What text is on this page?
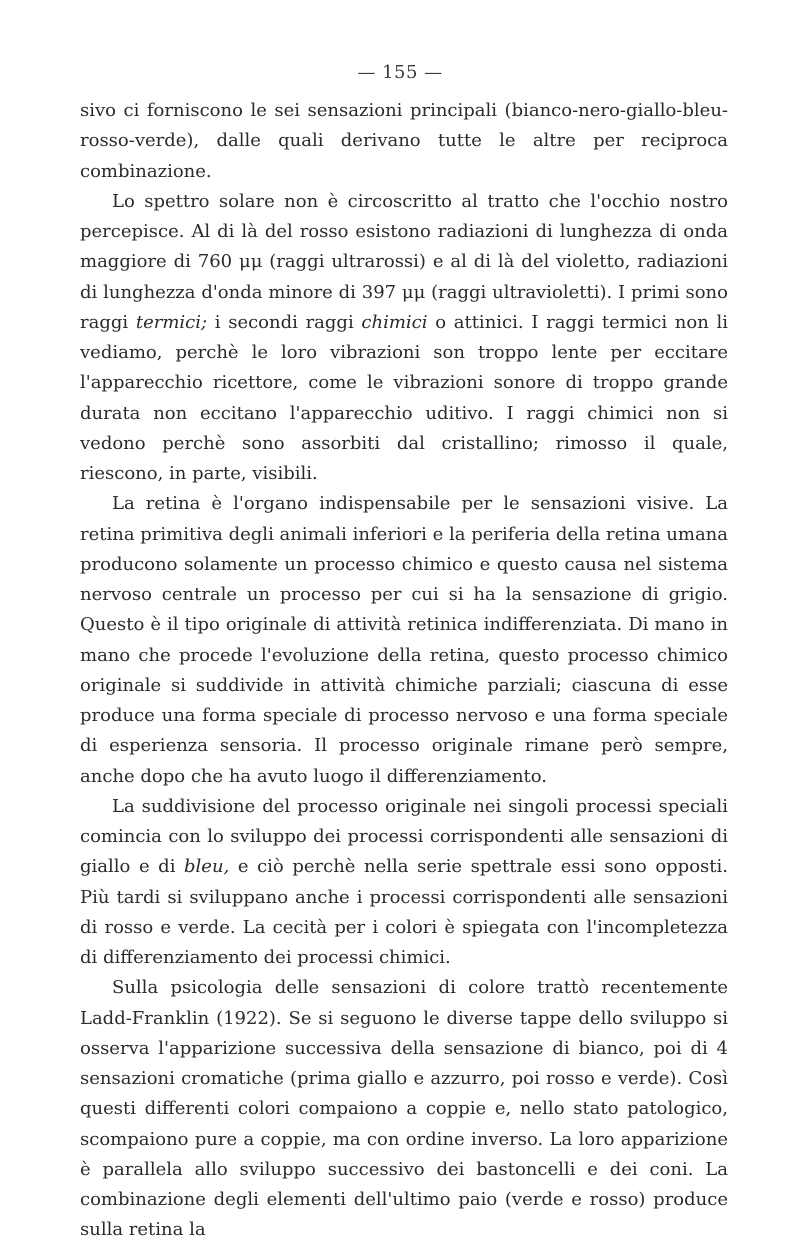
— 155 —

sivo ci forniscono le sei sensazioni principali (bianco-nero-giallo-bleu-rosso-verde), dalle quali derivano tutte le altre per reciproca combinazione.

Lo spettro solare non è circoscritto al tratto che l'occhio nostro percepisce. Al di là del rosso esistono radiazioni di lunghezza di onda maggiore di 760 μμ (raggi ultrarossi) e al di là del violetto, radiazioni di lunghezza d'onda minore di 397 μμ (raggi ultravioletti). I primi sono raggi termici; i secondi raggi chimici o attinici. I raggi termici non li vediamo, perchè le loro vibrazioni son troppo lente per eccitare l'apparecchio ricettore, come le vibrazioni sonore di troppo grande durata non eccitano l'apparecchio uditivo. I raggi chimici non si vedono perchè sono assorbiti dal cristallino; rimosso il quale, riescono, in parte, visibili.

La retina è l'organo indispensabile per le sensazioni visive. La retina primitiva degli animali inferiori e la periferia della retina umana producono solamente un processo chimico e questo causa nel sistema nervoso centrale un processo per cui si ha la sensazione di grigio. Questo è il tipo originale di attività retinica indifferenziata. Di mano in mano che procede l'evoluzione della retina, questo processo chimico originale si suddivide in attività chimiche parziali; ciascuna di esse produce una forma speciale di processo nervoso e una forma speciale di esperienza sensoria. Il processo originale rimane però sempre, anche dopo che ha avuto luogo il differenziamento.

La suddivisione del processo originale nei singoli processi speciali comincia con lo sviluppo dei processi corrispondenti alle sensazioni di giallo e di bleu, e ciò perchè nella serie spettrale essi sono opposti. Più tardi si sviluppano anche i processi corrispondenti alle sensazioni di rosso e verde. La cecità per i colori è spiegata con l'incompletezza di differenziamento dei processi chimici.

Sulla psicologia delle sensazioni di colore trattò recentemente Ladd-Franklin (1922). Se si seguono le diverse tappe dello sviluppo si osserva l'apparizione successiva della sensazione di bianco, poi di 4 sensazioni cromatiche (prima giallo e azzurro, poi rosso e verde). Così questi differenti colori compaiono a coppie e, nello stato patologico, scompaiono pure a coppie, ma con ordine inverso. La loro apparizione è parallela allo sviluppo successivo dei bastoncelli e dei coni. La combinazione degli elementi dell'ultimo paio (verde e rosso) produce sulla retina la
